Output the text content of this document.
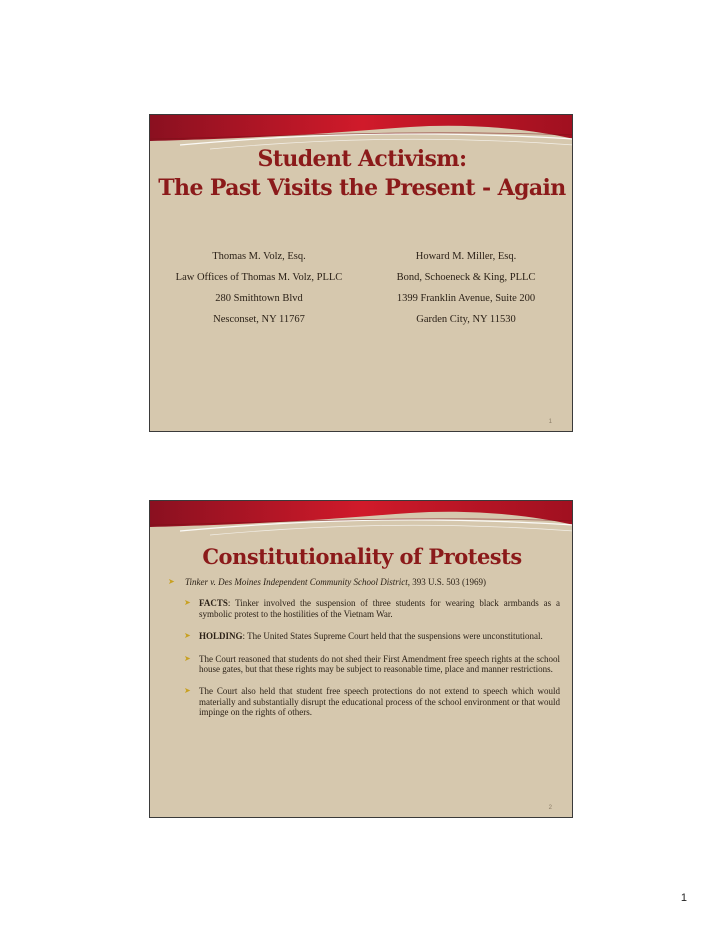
Student Activism:
The Past Visits the Present - Again
Thomas M. Volz, Esq.
Law Offices of Thomas M. Volz, PLLC
280 Smithtown Blvd
Nesconset, NY 11767
Howard M. Miller, Esq.
Bond, Schoeneck & King, PLLC
1399 Franklin Avenue, Suite 200
Garden City, NY 11530
1
Constitutionality of Protests
➤ Tinker v. Des Moines Independent Community School District, 393 U.S. 503 (1969)
➤ FACTS: Tinker involved the suspension of three students for wearing black armbands as a symbolic protest to the hostilities of the Vietnam War.
➤ HOLDING: The United States Supreme Court held that the suspensions were unconstitutional.
➤ The Court reasoned that students do not shed their First Amendment free speech rights at the school house gates, but that these rights may be subject to reasonable time, place and manner restrictions.
➤ The Court also held that student free speech protections do not extend to speech which would materially and substantially disrupt the educational process of the school environment or that would impinge on the rights of others.
2
1
